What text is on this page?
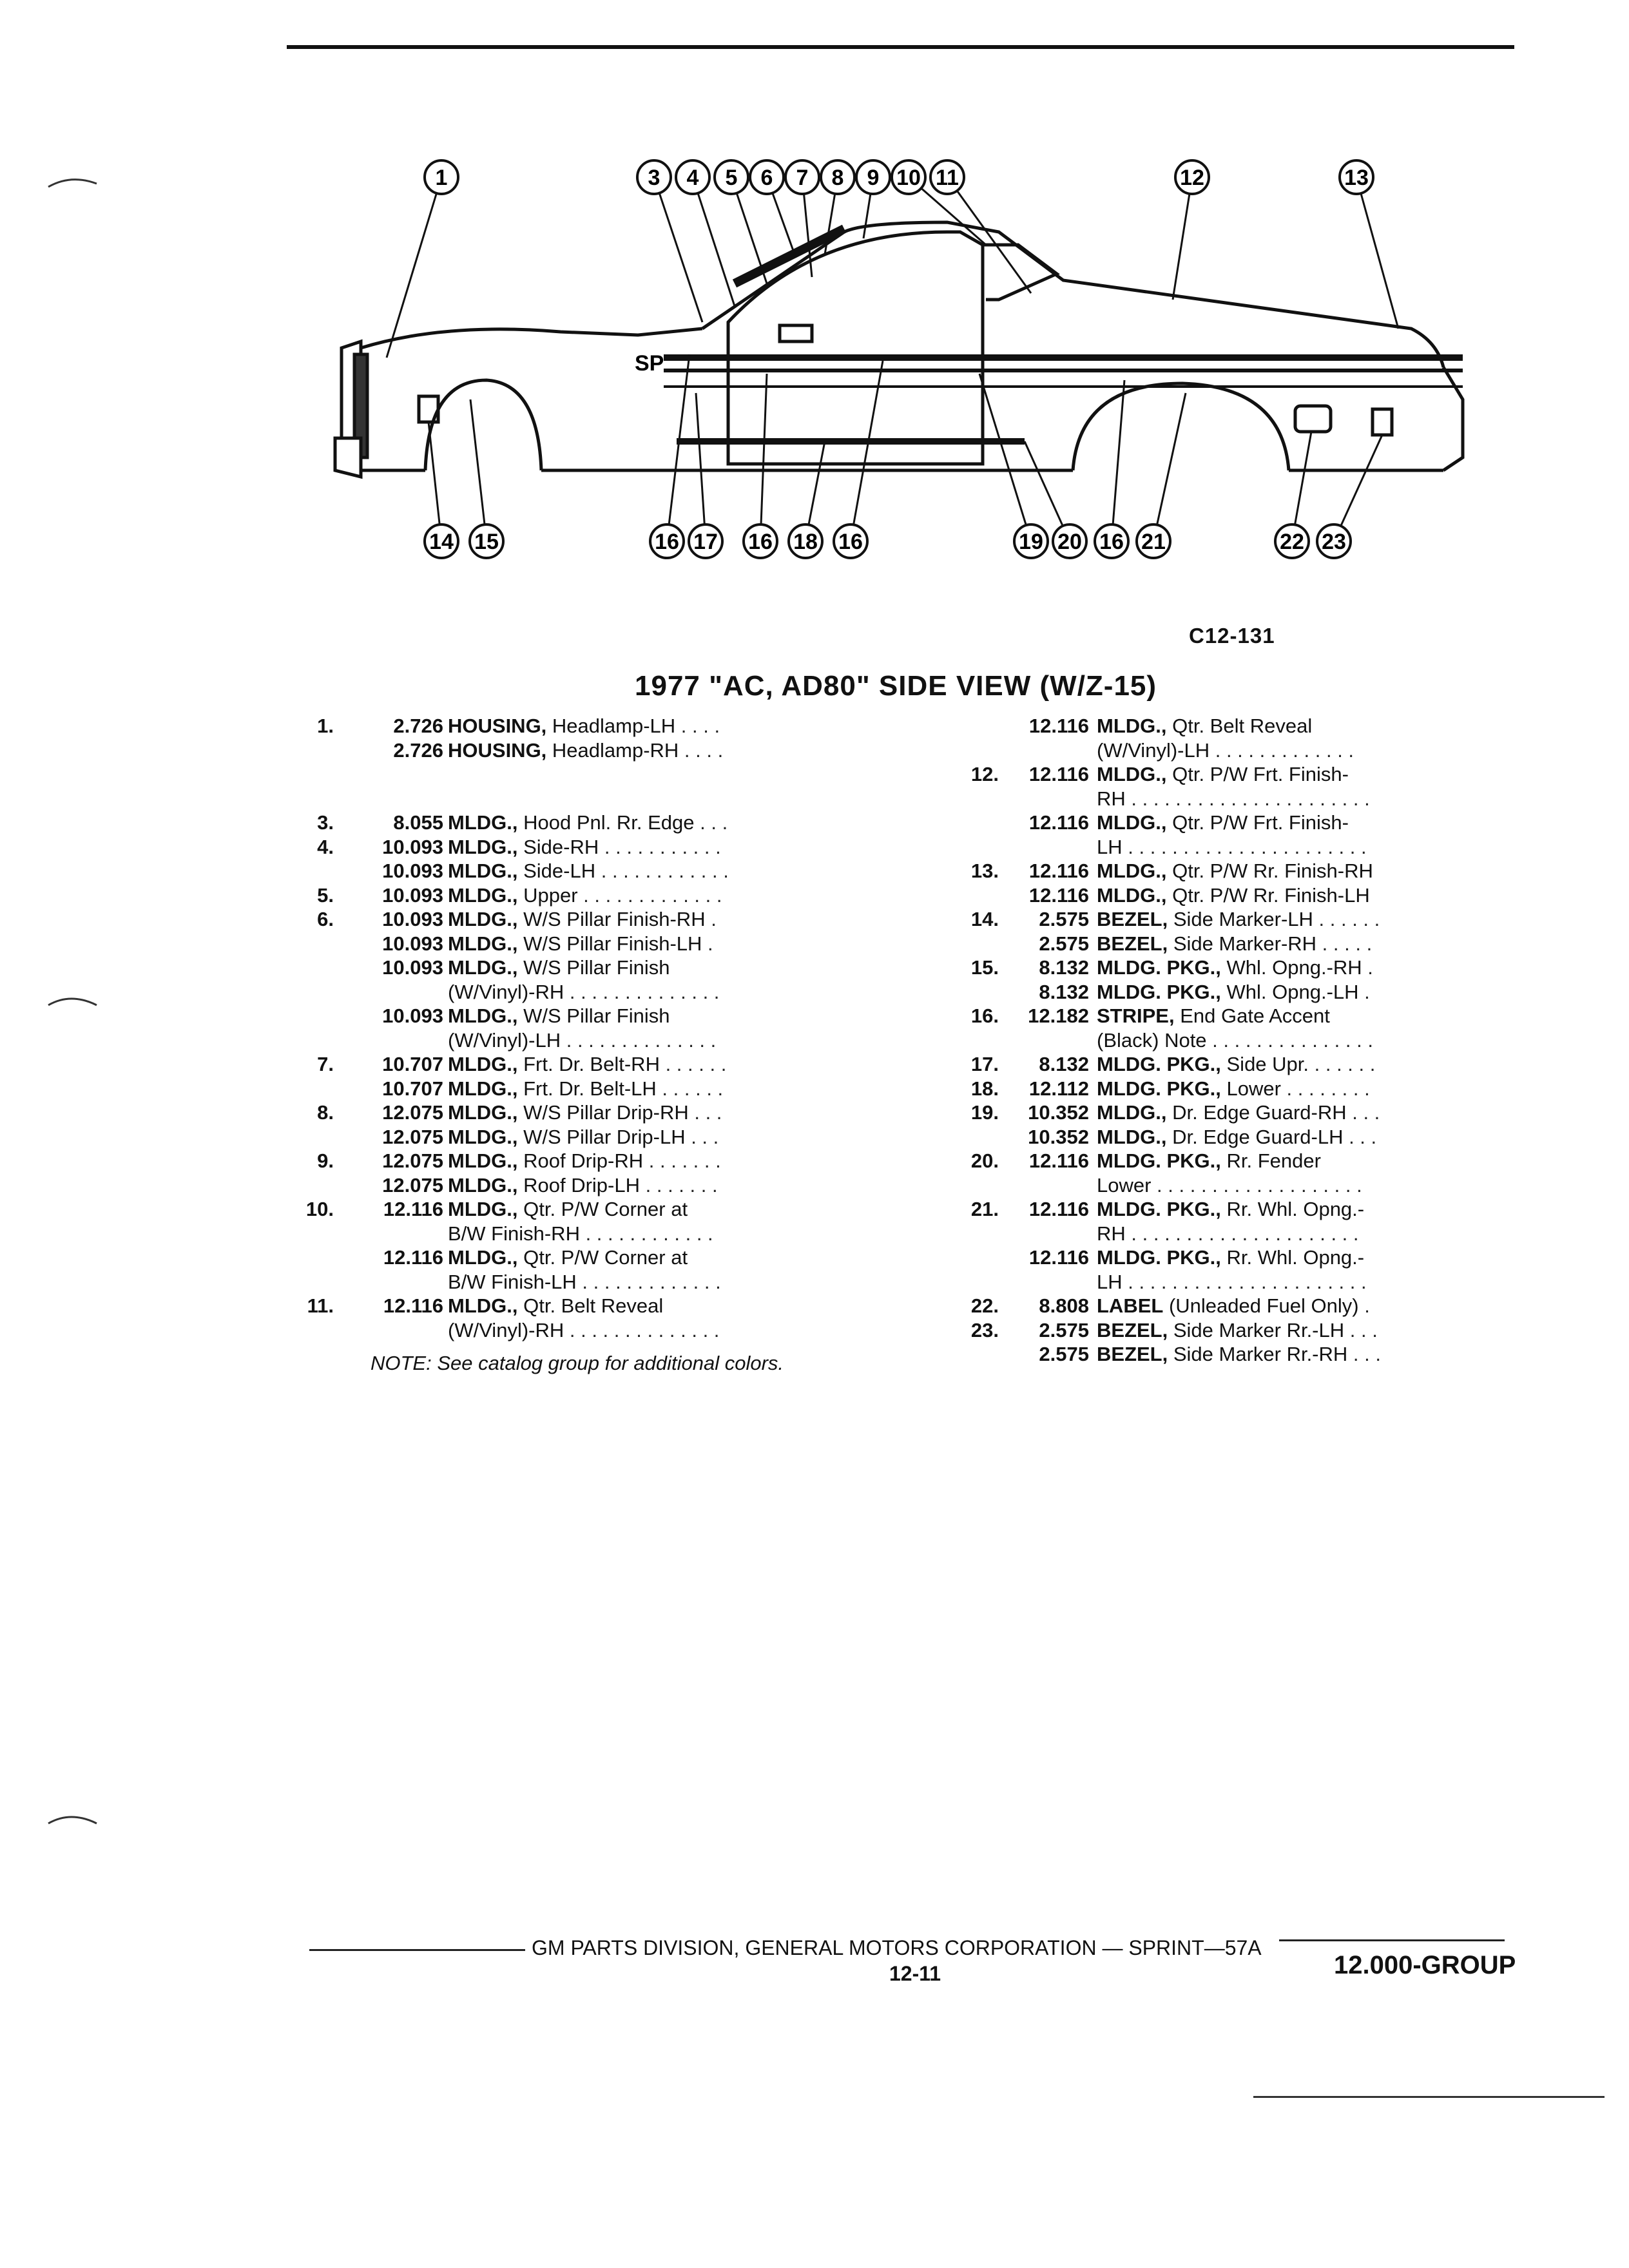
SP
1	3 4 5 6 7 8 9 10 11	12	13
14 15	16 17 16 18 16	19 20 16 21	22 23
C12-131
1977 "AC, AD80" SIDE VIEW (W/Z-15)
1.	2.726 HOUSING, Headlamp-LH . . . .
2.726 HOUSING, Headlamp-RH . . . .
3.	8.055 MLDG., Hood Pnl. Rr. Edge . . .
4.	10.093 MLDG., Side-RH . . . . . . . . . . .
10.093 MLDG., Side-LH . . . . . . . . . . . .
5.	10.093 MLDG., Upper . . . . . . . . . . . . .
6.	10.093 MLDG., W/S Pillar Finish-RH .
10.093 MLDG., W/S Pillar Finish-LH .
10.093 MLDG., W/S Pillar Finish
(W/Vinyl)-RH . . . . . . . . . . . . . .
10.093 MLDG., W/S Pillar Finish
(W/Vinyl)-LH . . . . . . . . . . . . . .
7.	10.707 MLDG., Frt. Dr. Belt-RH . . . . . .
10.707 MLDG., Frt. Dr. Belt-LH . . . . . .
8.	12.075 MLDG., W/S Pillar Drip-RH . . .
12.075 MLDG., W/S Pillar Drip-LH . . .
9.	12.075 MLDG., Roof Drip-RH . . . . . . .
12.075 MLDG., Roof Drip-LH . . . . . . .
10.	12.116 MLDG., Qtr. P/W Corner at
B/W Finish-RH . . . . . . . . . . . .
12.116 MLDG., Qtr. P/W Corner at
B/W Finish-LH . . . . . . . . . . . . .
11.	12.116 MLDG., Qtr. Belt Reveal
(W/Vinyl)-RH . . . . . . . . . . . . . .
12.116 MLDG., Qtr. Belt Reveal
(W/Vinyl)-LH . . . . . . . . . . . . .
12.	12.116 MLDG., Qtr. P/W Frt. Finish-
RH . . . . . . . . . . . . . . . . . . . . . .
12.116 MLDG., Qtr. P/W Frt. Finish-
LH . . . . . . . . . . . . . . . . . . . . . .
13.	12.116 MLDG., Qtr. P/W Rr. Finish-RH
12.116 MLDG., Qtr. P/W Rr. Finish-LH
14.	2.575 BEZEL, Side Marker-LH . . . . . .
2.575 BEZEL, Side Marker-RH . . . . .
15.	8.132 MLDG. PKG., Whl. Opng.-RH .
8.132 MLDG. PKG., Whl. Opng.-LH .
16.	12.182 STRIPE, End Gate Accent
(Black) Note . . . . . . . . . . . . . . .
17.	8.132 MLDG. PKG., Side Upr. . . . . . .
18.	12.112 MLDG. PKG., Lower . . . . . . . .
19.	10.352 MLDG., Dr. Edge Guard-RH . . .
10.352 MLDG., Dr. Edge Guard-LH . . .
20.	12.116 MLDG. PKG., Rr. Fender
Lower . . . . . . . . . . . . . . . . . . .
21.	12.116 MLDG. PKG., Rr. Whl. Opng.-
RH . . . . . . . . . . . . . . . . . . . . .
12.116 MLDG. PKG., Rr. Whl. Opng.-
LH . . . . . . . . . . . . . . . . . . . . . .
22.	8.808 LABEL (Unleaded Fuel Only) .
23.	2.575 BEZEL, Side Marker Rr.-LH . . .
2.575 BEZEL, Side Marker Rr.-RH . . .
NOTE: See catalog group for additional colors.
GM PARTS DIVISION, GENERAL MOTORS CORPORATION — SPRINT—57A
12-11	12.000-GROUP
